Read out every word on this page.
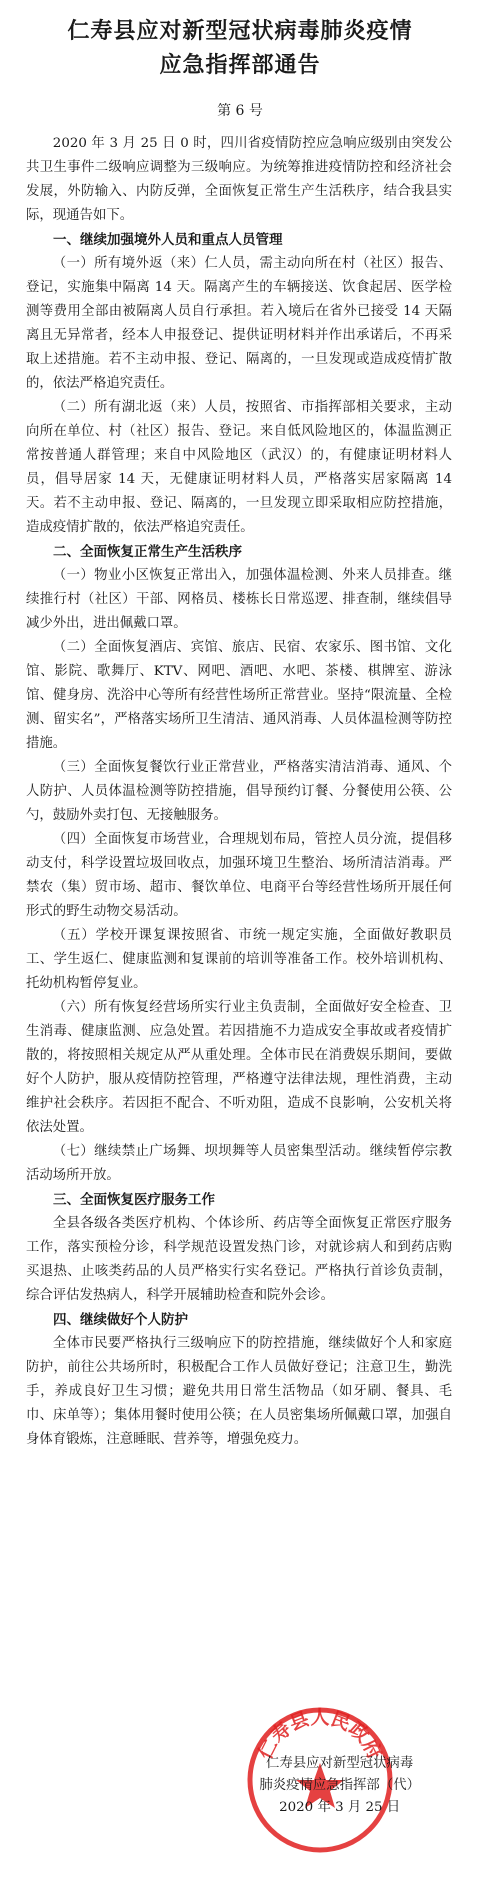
仁寿县应对新型冠状病毒肺炎疫情
应急指挥部通告
第 6 号

2020 年 3 月 25 日 0 时，四川省疫情防控应急响应级别由突发公共卫生事件二级响应调整为三级响应。为统筹推进疫情防控和经济社会发展，外防输入、内防反弹，全面恢复正常生产生活秩序，结合我县实际，现通告如下。

一、继续加强境外人员和重点人员管理

（一）所有境外返（来）仁人员，需主动向所在村（社区）报告、登记，实施集中隔离 14 天。隔离产生的车辆接送、饮食起居、医学检测等费用全部由被隔离人员自行承担。若入境后在省外已接受 14 天隔离且无异常者，经本人申报登记、提供证明材料并作出承诺后，不再采取上述措施。若不主动申报、登记、隔离的，一旦发现或造成疫情扩散的，依法严格追究责任。

（二）所有湖北返（来）人员，按照省、市指挥部相关要求，主动向所在单位、村（社区）报告、登记。来自低风险地区的，体温监测正常按普通人群管理；来自中风险地区（武汉）的，有健康证明材料人员，倡导居家 14 天，无健康证明材料人员，严格落实居家隔离 14 天。若不主动申报、登记、隔离的，一旦发现立即采取相应防控措施，造成疫情扩散的，依法严格追究责任。

二、全面恢复正常生产生活秩序

（一）物业小区恢复正常出入，加强体温检测、外来人员排查。继续推行村（社区）干部、网格员、楼栋长日常巡逻、排查制，继续倡导减少外出，进出佩戴口罩。

（二）全面恢复酒店、宾馆、旅店、民宿、农家乐、图书馆、文化馆、影院、歌舞厅、KTV、网吧、酒吧、水吧、茶楼、棋牌室、游泳馆、健身房、洗浴中心等所有经营性场所正常营业。坚持“限流量、全检测、留实名”，严格落实场所卫生清洁、通风消毒、人员体温检测等防控措施。

（三）全面恢复餐饮行业正常营业，严格落实清洁消毒、通风、个人防护、人员体温检测等防控措施，倡导预约订餐、分餐使用公筷、公勺，鼓励外卖打包、无接触服务。

（四）全面恢复市场营业，合理规划布局，管控人员分流，提倡移动支付，科学设置垃圾回收点，加强环境卫生整治、场所清洁消毒。严禁农（集）贸市场、超市、餐饮单位、电商平台等经营性场所开展任何形式的野生动物交易活动。

（五）学校开课复课按照省、市统一规定实施，全面做好教职员工、学生返仁、健康监测和复课前的培训等准备工作。校外培训机构、托幼机构暂停复业。

（六）所有恢复经营场所实行业主负责制，全面做好安全检查、卫生消毒、健康监测、应急处置。若因措施不力造成安全事故或者疫情扩散的，将按照相关规定从严从重处理。全体市民在消费娱乐期间，要做好个人防护，服从疫情防控管理，严格遵守法律法规，理性消费，主动维护社会秩序。若因拒不配合、不听劝阻，造成不良影响，公安机关将依法处置。

（七）继续禁止广场舞、坝坝舞等人员密集型活动。继续暂停宗教活动场所开放。

三、全面恢复医疗服务工作

全县各级各类医疗机构、个体诊所、药店等全面恢复正常医疗服务工作，落实预检分诊，科学规范设置发热门诊，对就诊病人和到药店购买退热、止咳类药品的人员严格实行实名登记。严格执行首诊负责制，综合评估发热病人，科学开展辅助检查和院外会诊。

四、继续做好个人防护

全体市民要严格执行三级响应下的防控措施，继续做好个人和家庭防护，前往公共场所时，积极配合工作人员做好登记；注意卫生，勤洗手，养成良好卫生习惯；避免共用日常生活物品（如牙刷、餐具、毛巾、床单等）；集体用餐时使用公筷；在人员密集场所佩戴口罩，加强自身体育锻炼，注意睡眠、营养等，增强免疫力。

仁寿县人民政府
仁寿县应对新型冠状病毒
肺炎疫情应急指挥部（代）
2020 年 3 月 25 日
